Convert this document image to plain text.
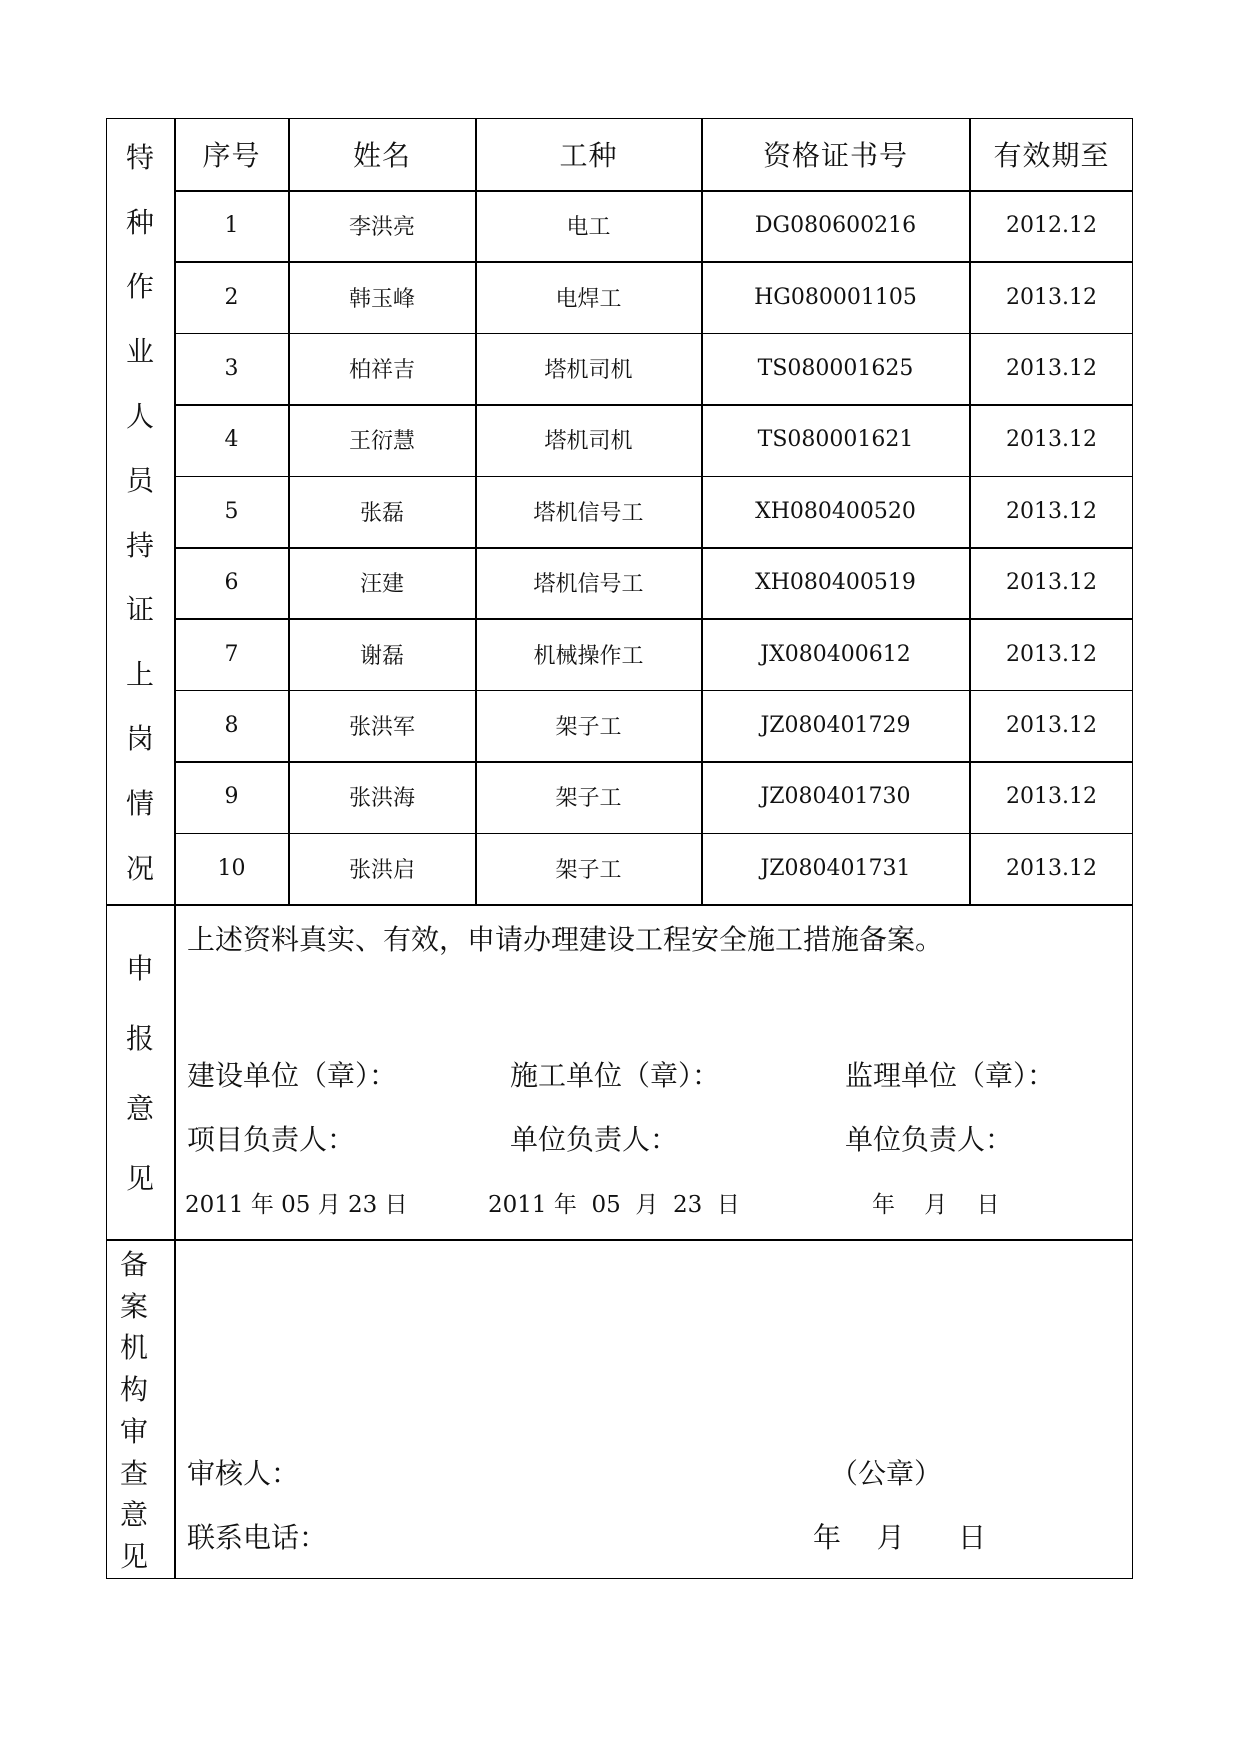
特
种
作
业
人
员
持
证
上
岗
情
况
序号	姓名	工种	资格证书号	有效期至
1	李洪亮	电工	DG080600216	2012.12
2	韩玉峰	电焊工	HG080001105	2013.12
3	柏祥吉	塔机司机	TS080001625	2013.12
4	王衍慧	塔机司机	TS080001621	2013.12
5	张磊	塔机信号工	XH080400520	2013.12
6	汪建	塔机信号工	XH080400519	2013.12
7	谢磊	机械操作工	JX080400612	2013.12
8	张洪军	架子工	JZ080401729	2013.12
9	张洪海	架子工	JZ080401730	2013.12
10	张洪启	架子工	JZ080401731	2013.12
申
报
意
见
上述资料真实、有效，申请办理建设工程安全施工措施备案。
建设单位（章）：	施工单位（章）：	监理单位（章）：
项目负责人：	单位负责人：	单位负责人：
2011 年 05 月 23 日	2011 年  05  月  23  日	年    月    日
备
案
机
构
审
查
意
见
审核人：	（公章）
联系电话：	年    月      日
